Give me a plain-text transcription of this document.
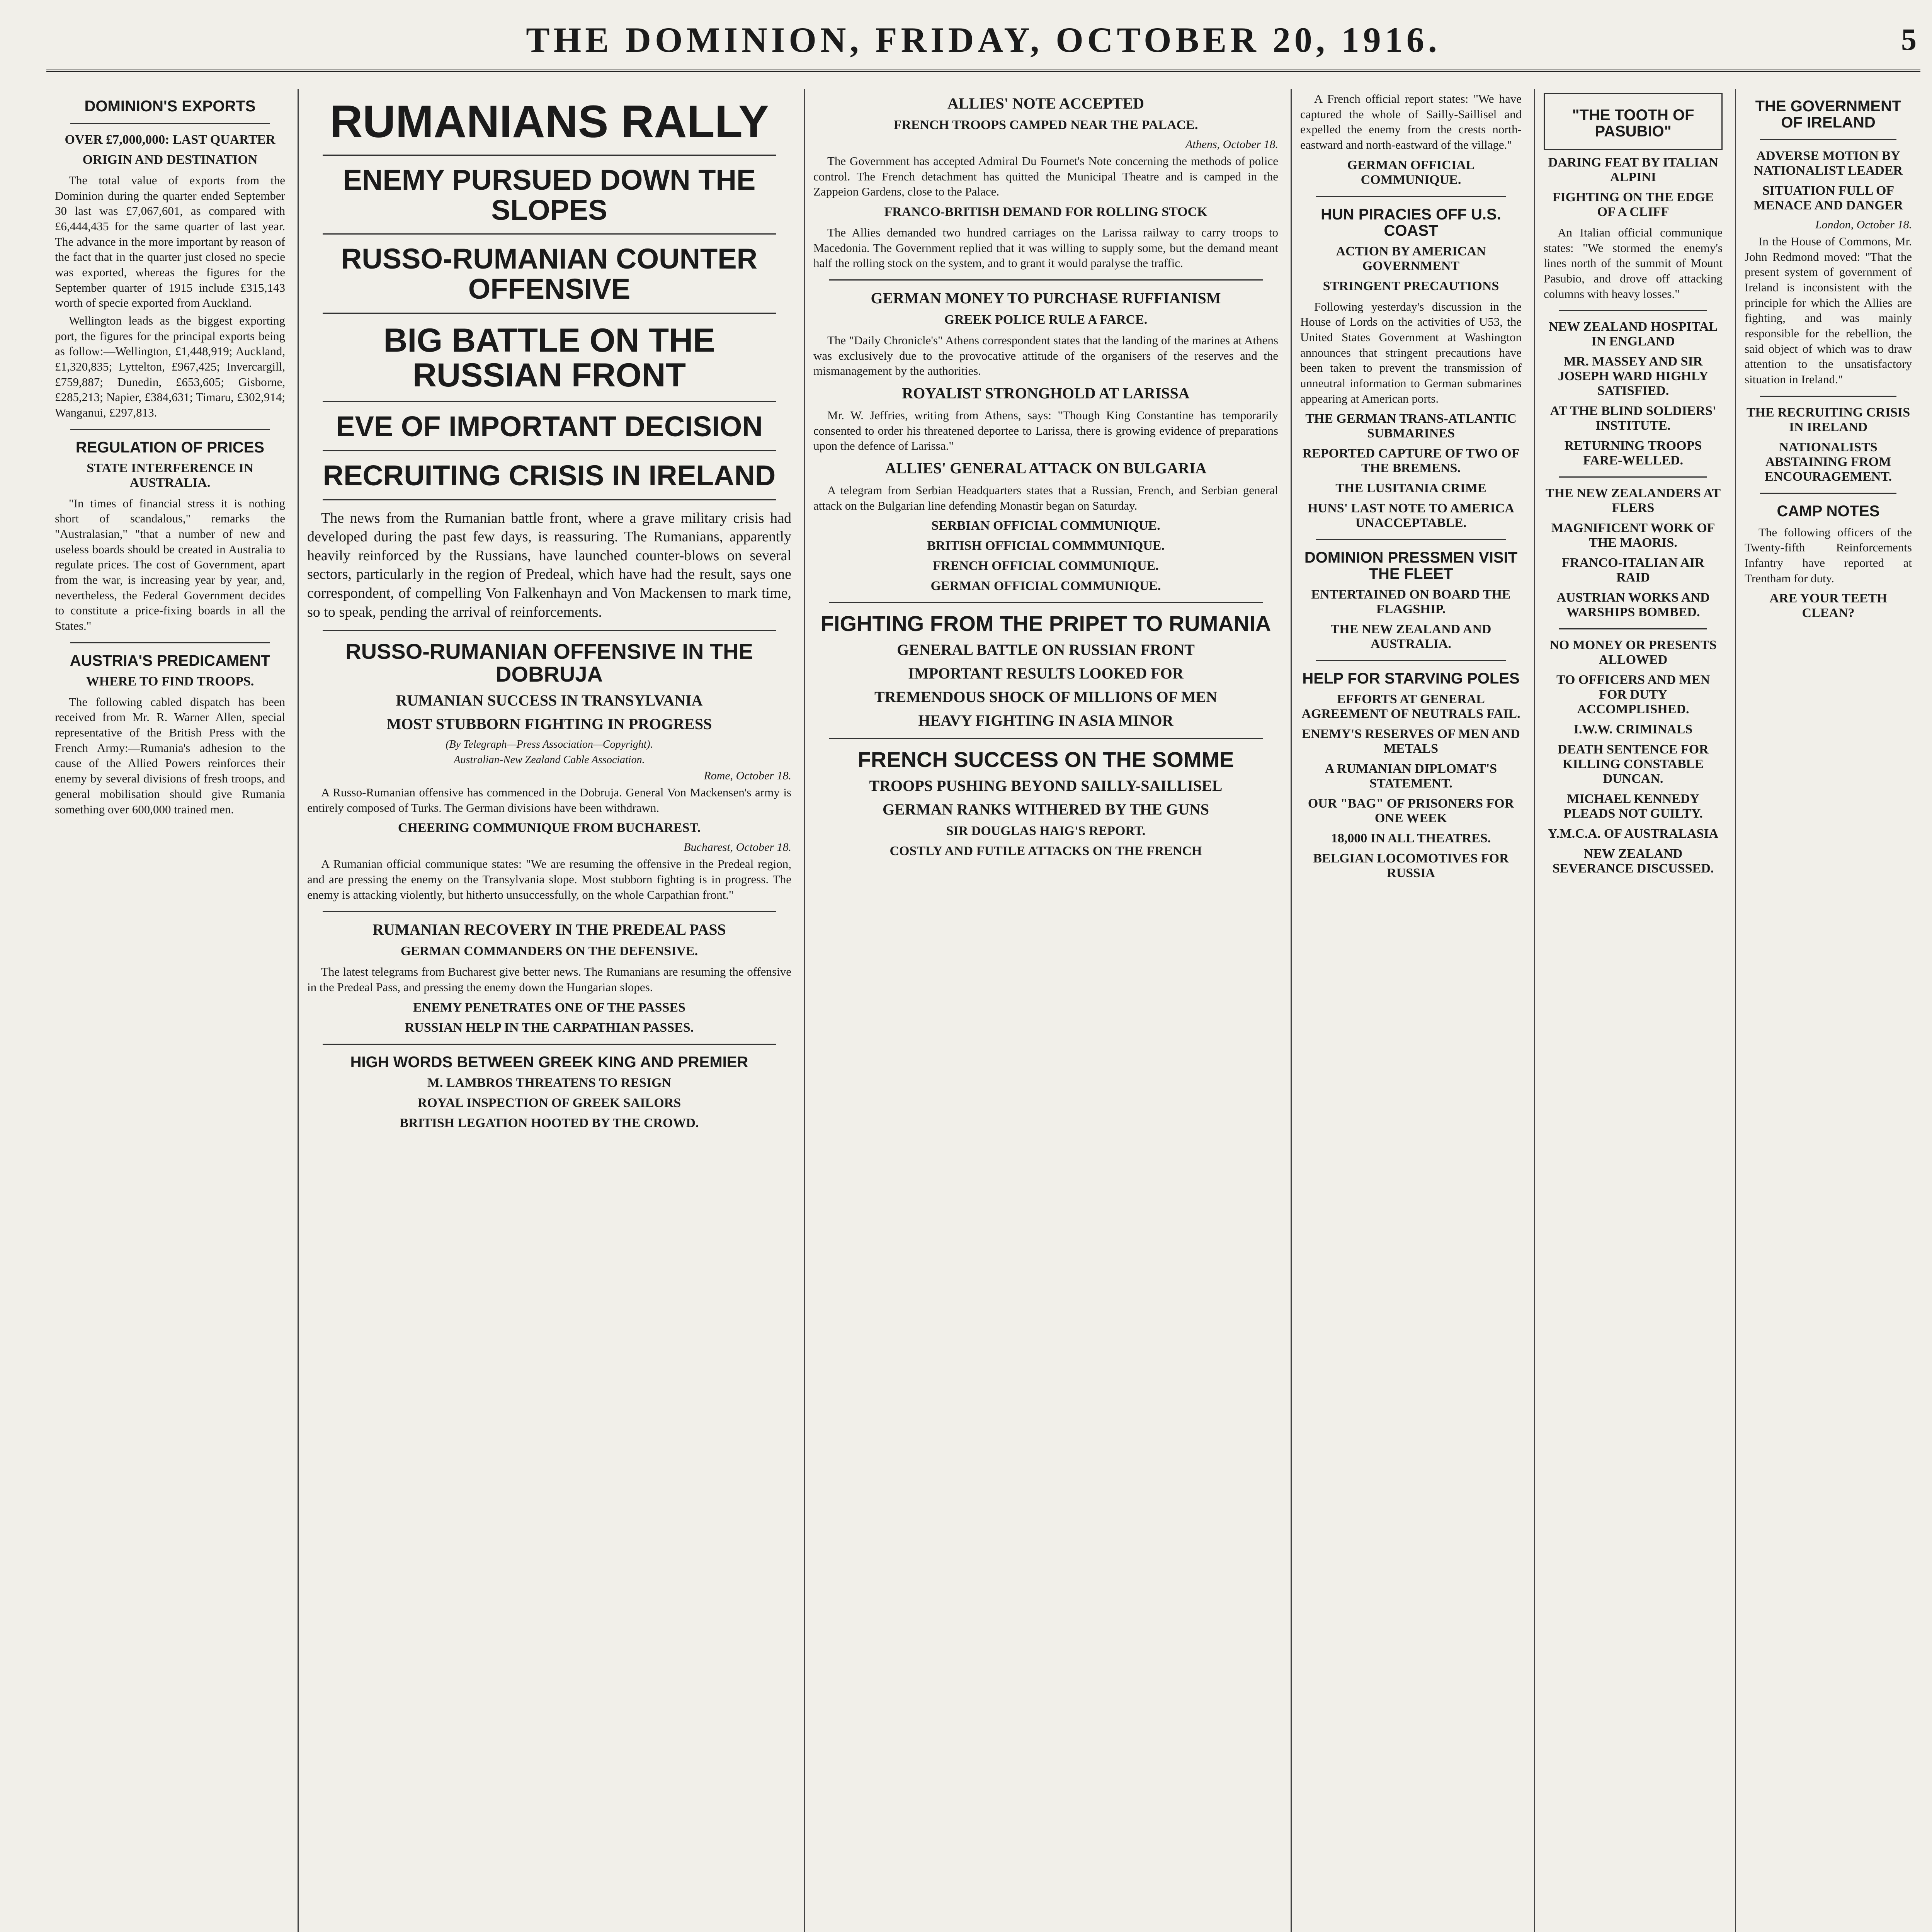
THE DOMINION, FRIDAY, OCTOBER 20, 1916.	5
DOMINION'S EXPORTS
OVER £7,000,000: LAST QUARTER
ORIGIN AND DESTINATION

The total value of exports from the Dominion during the quarter ended September 30 last was £7,067,601, as compared with £6,444,435 for the same quarter of last year. The advance in the more important by reason of the fact that in the quarter just closed no specie was exported, whereas the figures for the September quarter of 1915 include £315,143 worth of specie exported from Auckland.

Wellington leads as the biggest exporting port, the figures for the principal exports being as follow:—Wellington, £1,448,919; Auckland, £1,320,835; Lyttelton, £967,425; Invercargill, £759,887; Dunedin, £653,605; Gisborne, £285,213; Napier, £384,631; Timaru, £302,914; Wanganui, £297,813.

REGULATION OF PRICES
STATE INTERFERENCE IN AUSTRALIA.

"In times of financial stress it is nothing short of scandalous," remarks the "Australasian," "that a number of new and useless boards should be created in Australia to regulate prices. The cost of Government, apart from the war, is increasing year by year, and, nevertheless, the Federal Government decides to constitute a price-fixing boards in all the States."

AUSTRIA'S PREDICAMENT
WHERE TO FIND TROOPS.

The following cabled dispatch has been received from Mr. R. Warner Allen, special representative of the British Press with the French Army:—Rumania's adhesion to the cause of the Allied Powers reinforces their enemy by several divisions of fresh troops, and general mobilisation should give Rumania something over 600,000 trained men.

RUMANIANS RALLY
ENEMY PURSUED DOWN THE SLOPES
RUSSO-RUMANIAN COUNTER OFFENSIVE
BIG BATTLE ON THE RUSSIAN FRONT
EVE OF IMPORTANT DECISION
RECRUITING CRISIS IN IRELAND

The news from the Rumanian battle front, where a grave military crisis had developed during the past few days, is reassuring. The Rumanians, apparently heavily reinforced by the Russians, have launched counter-blows on several sectors, particularly in the region of Predeal, which have had the result, says one correspondent, of compelling Von Falkenhayn and Von Mackensen to mark time, so to speak, pending the arrival of reinforcements.

RUSSO-RUMANIAN OFFENSIVE IN THE DOBRUJA
RUMANIAN SUCCESS IN TRANSYLVANIA
MOST STUBBORN FIGHTING IN PROGRESS
(By Telegraph—Press Association—Copyright).
Australian-New Zealand Cable Association.
Rome, October 18.

A Russo-Rumanian offensive has commenced in the Dobruja. General Von Mackensen's army is entirely composed of Turks. The German divisions have been withdrawn.

CHEERING COMMUNIQUE FROM BUCHAREST.
Bucharest, October 18.

A Rumanian official communique states: "We are resuming the offensive in the Predeal region, and are pressing the enemy on the Transylvania slope. Most stubborn fighting is in progress. The enemy is attacking violently, but hitherto unsuccessfully, on the whole Carpathian front."

RUMANIAN RECOVERY IN THE PREDEAL PASS
GERMAN COMMANDERS ON THE DEFENSIVE.

The latest telegrams from Bucharest give better news. The Rumanians are resuming the offensive in the Predeal Pass, and pressing the enemy down the Hungarian slopes.

ENEMY PENETRATES ONE OF THE PASSES
RUSSIAN HELP IN THE CARPATHIAN PASSES.
HIGH WORDS BETWEEN GREEK KING AND PREMIER
M. LAMBROS THREATENS TO RESIGN
ROYAL INSPECTION OF GREEK SAILORS
BRITISH LEGATION HOOTED BY THE CROWD.
ALLIES' NOTE ACCEPTED
FRENCH TROOPS CAMPED NEAR THE PALACE.
Athens, October 18.

The Government has accepted Admiral Du Fournet's Note concerning the methods of police control. The French detachment has quitted the Municipal Theatre and is camped in the Zappeion Gardens, close to the Palace.

FRANCO-BRITISH DEMAND FOR ROLLING STOCK

The Allies demanded two hundred carriages on the Larissa railway to carry troops to Macedonia. The Government replied that it was willing to supply some, but the demand meant half the rolling stock on the system, and to grant it would paralyse the traffic.

GERMAN MONEY TO PURCHASE RUFFIANISM
GREEK POLICE RULE A FARCE.

The "Daily Chronicle's" Athens correspondent states that the landing of the marines at Athens was exclusively due to the provocative attitude of the organisers of the reserves and the mismanagement by the authorities.

ROYALIST STRONGHOLD AT LARISSA

Mr. W. Jeffries, writing from Athens, says: "Though King Constantine has temporarily consented to order his threatened deportee to Larissa, there is growing evidence of preparations upon the defence of Larissa."

ALLIES' GENERAL ATTACK ON BULGARIA

A telegram from Serbian Headquarters states that a Russian, French, and Serbian general attack on the Bulgarian line defending Monastir began on Saturday.

SERBIAN OFFICIAL COMMUNIQUE.
BRITISH OFFICIAL COMMMUNIQUE.
FRENCH OFFICIAL COMMUNIQUE.
GERMAN OFFICIAL COMMUNIQUE.
FIGHTING FROM THE PRIPET TO RUMANIA
GENERAL BATTLE ON RUSSIAN FRONT
IMPORTANT RESULTS LOOKED FOR
TREMENDOUS SHOCK OF MILLIONS OF MEN
HEAVY FIGHTING IN ASIA MINOR
FRENCH SUCCESS ON THE SOMME
TROOPS PUSHING BEYOND SAILLY-SAILLISEL
GERMAN RANKS WITHERED BY THE GUNS
SIR DOUGLAS HAIG'S REPORT.
COSTLY AND FUTILE ATTACKS ON THE FRENCH

A French official report states: "We have captured the whole of Sailly-Saillisel and expelled the enemy from the crests north-eastward and north-eastward of the village."

GERMAN OFFICIAL COMMUNIQUE.
HUN PIRACIES OFF U.S. COAST
ACTION BY AMERICAN GOVERNMENT
STRINGENT PRECAUTIONS

Following yesterday's discussion in the House of Lords on the activities of U53, the United States Government at Washington announces that stringent precautions have been taken to prevent the transmission of unneutral information to German submarines appearing at American ports.

THE GERMAN TRANS-ATLANTIC SUBMARINES
REPORTED CAPTURE OF TWO OF THE BREMENS.
THE LUSITANIA CRIME
HUNS' LAST NOTE TO AMERICA UNACCEPTABLE.
DOMINION PRESSMEN VISIT THE FLEET
ENTERTAINED ON BOARD THE FLAGSHIP.
THE NEW ZEALAND AND AUSTRALIA.
HELP FOR STARVING POLES
EFFORTS AT GENERAL AGREEMENT OF NEUTRALS FAIL.
ENEMY'S RESERVES OF MEN AND METALS
A RUMANIAN DIPLOMAT'S STATEMENT.
OUR "BAG" OF PRISONERS FOR ONE WEEK
18,000 IN ALL THEATRES.
BELGIAN LOCOMOTIVES FOR RUSSIA
"THE TOOTH OF PASUBIO"
DARING FEAT BY ITALIAN ALPINI
FIGHTING ON THE EDGE OF A CLIFF

An Italian official communique states: "We stormed the enemy's lines north of the summit of Mount Pasubio, and drove off attacking columns with heavy losses."

NEW ZEALAND HOSPITAL IN ENGLAND
MR. MASSEY AND SIR JOSEPH WARD HIGHLY SATISFIED.
AT THE BLIND SOLDIERS' INSTITUTE.
RETURNING TROOPS FARE-WELLED.
THE NEW ZEALANDERS AT FLERS
MAGNIFICENT WORK OF THE MAORIS.
FRANCO-ITALIAN AIR RAID
AUSTRIAN WORKS AND WARSHIPS BOMBED.
NO MONEY OR PRESENTS ALLOWED
TO OFFICERS AND MEN FOR DUTY ACCOMPLISHED.
I.W.W. CRIMINALS
DEATH SENTENCE FOR KILLING CONSTABLE DUNCAN.
MICHAEL KENNEDY PLEADS NOT GUILTY.
Y.M.C.A. OF AUSTRALASIA
NEW ZEALAND SEVERANCE DISCUSSED.
THE GOVERNMENT OF IRELAND
ADVERSE MOTION BY NATIONALIST LEADER
SITUATION FULL OF MENACE AND DANGER
London, October 18.

In the House of Commons, Mr. John Redmond moved: "That the present system of government of Ireland is inconsistent with the principle for which the Allies are fighting, and was mainly responsible for the rebellion, the said object of which was to draw attention to the unsatisfactory situation in Ireland."

THE RECRUITING CRISIS IN IRELAND
NATIONALISTS ABSTAINING FROM ENCOURAGEMENT.
CAMP NOTES

The following officers of the Twenty-fifth Reinforcements Infantry have reported at Trentham for duty.

ARE YOUR TEETH CLEAN?
